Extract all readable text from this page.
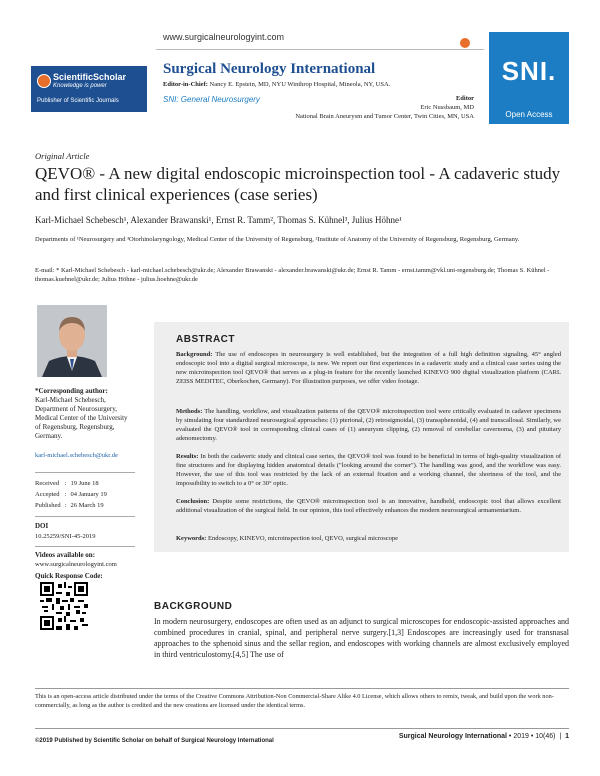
www.surgicalneurologyint.com
ScientificScholar
Knowledge is power
Publisher of Scientific Journals
Surgical Neurology International
Editor-in-Chief: Nancy E. Epstein, MD, NYU Winthrop Hospital, Mineola, NY, USA.
SNI: General Neurosurgery	Editor
Eric Nussbaum, MD
National Brain Aneurysm and Tumor Center, Twin Cities, MN, USA
SNI.
Open Access
Original Article
QEVO® - A new digital endoscopic microinspection tool - A cadaveric study and first clinical experiences (case series)
Karl-Michael Schebesch¹, Alexander Brawanski¹, Ernst R. Tamm², Thomas S. Kühnel³, Julius Höhne¹
Departments of ¹Neurosurgery and ³Otorhinolaryngology, Medical Center of the University of Regensburg, ²Institute of Anatomy of the University of Regensburg, Regensburg, Germany.
E-mail: * Karl-Michael Schebesch - karl-michael.schebesch@ukr.de; Alexander Brawanski - alexander.brawanski@ukr.de; Ernst R. Tamm - ernst.tamm@vkl.uni-regensburg.de; Thomas S. Kühnel - thomas.kuehnel@ukr.de; Julius Höhne - julius.hoehne@ukr.de
*Corresponding author:
Karl-Michael Schebesch, Department of Neurosurgery, Medical Center of the University of Regensburg, Regensburg, Germany.
karl-michael.schebesch@ukr.de
Received	:	19 June 18
Accepted	:	04 January 19
Published	:	26 March 19
DOI
10.25259/SNI-45-2019
Videos available on:
www.surgicalneurologyint.com
Quick Response Code:
ABSTRACT
Background: The use of endoscopes in neurosurgery is well established, but the integration of a full high definition signaling, 45° angled endoscopic tool into a digital surgical microscope, is new. We report our first experiences in a cadaveric study and a clinical case series using the new microinspection tool QEVO® that serves as a plug-in feature for the recently launched KINEVO 900 digital visualization platform (CARL ZEISS MEDITEC, Oberkochen, Germany). For illustration purposes, we offer video footage.
Methods: The handling, workflow, and visualization patterns of the QEVO® microinspection tool were critically evaluated in cadaver specimens by simulating four standardized neurosurgical approaches: (1) pterional, (2) retrosigmoidal, (3) transsphenoidal, (4) and transcallosal. Similarly, we evaluated the QEVO® tool in corresponding clinical cases of (1) aneurysm clipping, (2) removal of cerebellar cavernoma, (3) and pituitary adenomectomy.
Results: In both the cadaveric study and clinical case series, the QEVO® tool was found to be beneficial in terms of high-quality visualization of fine structures and for displaying hidden anatomical details ("looking around the corner"). The handling was good, and the workflow was easy. However, the use of this tool was restricted by the lack of an external fixation and a working channel, the shortness of the tool, and the impossibility to switch to a 0° or 30° optic.
Conclusion: Despite some restrictions, the QEVO® microinspection tool is an innovative, handheld, endoscopic tool that allows excellent additional visualization of the surgical field. In our opinion, this tool effectively enhances the modern neurosurgical armamentarium.
Keywords: Endoscopy, KINEVO, microinspection tool, QEVO, surgical microscope
BACKGROUND
In modern neurosurgery, endoscopes are often used as an adjunct to surgical microscopes for endoscopic-assisted approaches and combined procedures in cranial, spinal, and peripheral nerve surgery.[1,3] Endoscopes are increasingly used for transnasal approaches to the sphenoid sinus and the sellar region, and endoscopes with working channels are almost exclusively employed in third ventriculostomy.[4,5] The use of
This is an open-access article distributed under the terms of the Creative Commons Attribution-Non Commercial-Share Alike 4.0 License, which allows others to remix, tweak, and build upon the work non-commercially, as long as the author is credited and the new creations are licensed under the identical terms.
©2019 Published by Scientific Scholar on behalf of Surgical Neurology International
Surgical Neurology International • 2019 • 10(46)  |  1
